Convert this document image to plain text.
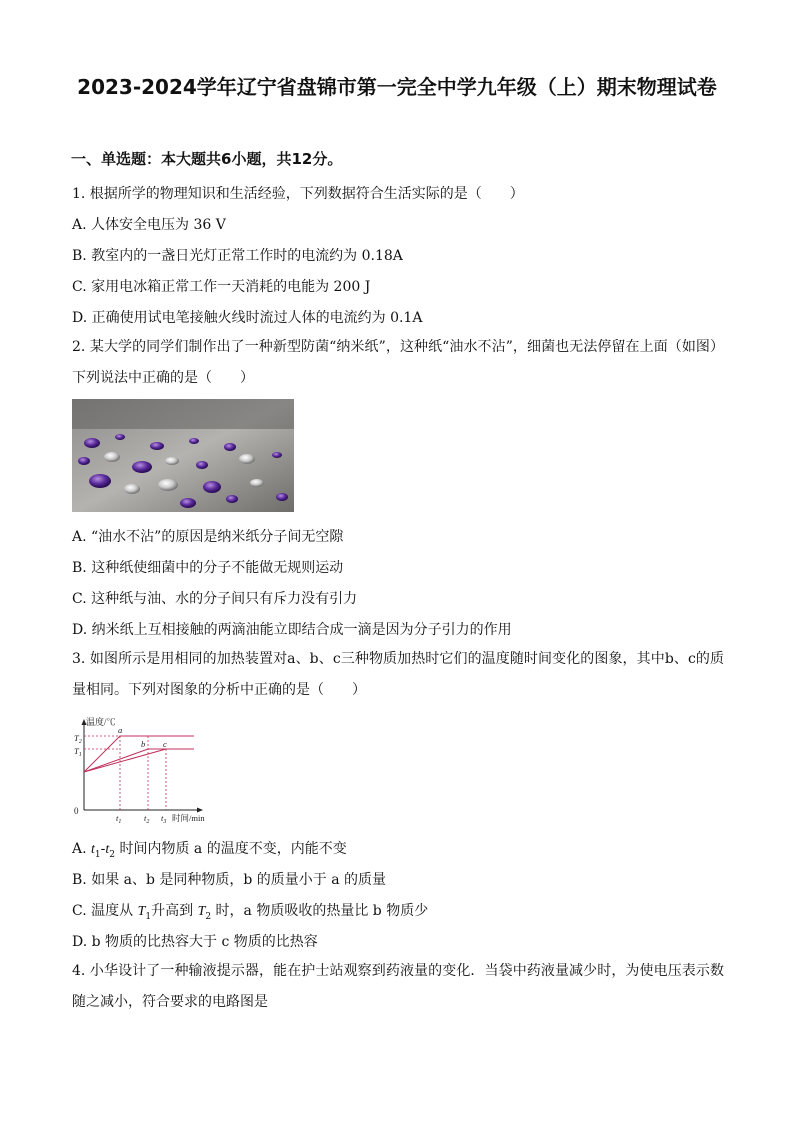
2023-2024学年辽宁省盘锦市第一完全中学九年级（上）期末物理试卷
一、单选题：本大题共6小题，共12分。
1. 根据所学的物理知识和生活经验，下列数据符合生活实际的是（　　）
A. 人体安全电压为 36 V
B. 教室内的一盏日光灯正常工作时的电流约为 0.18A
C. 家用电冰箱正常工作一天消耗的电能为 200 J
D. 正确使用试电笔接触火线时流过人体的电流约为 0.1A
2. 某大学的同学们制作出了一种新型防菌“纳米纸”，这种纸“油水不沾”，细菌也无法停留在上面（如图）下列说法中正确的是（　　）
A. “油水不沾”的原因是纳米纸分子间无空隙
B. 这种纸使细菌中的分子不能做无规则运动
C. 这种纸与油、水的分子间只有斥力没有引力
D. 纳米纸上互相接触的两滴油能立即结合成一滴是因为分子引力的作用
3. 如图所示是用相同的加热装置对a、b、c三种物质加热时它们的温度随时间变化的图象，其中b、c的质量相同。下列对图象的分析中正确的是（　　）
温度/℃
0
$T_2$
$T_1$
a
b c
$t_1$	$t_2$ $t_3$ 时间/min
A. $t_1-t_2$ 时间内物质 a 的温度不变，内能不变
B. 如果 a、b 是同种物质，b 的质量小于 a 的质量
C. 温度从 $T_1$升高到 $T_2$ 时，a 物质吸收的热量比 b 物质少
D. b 物质的比热容大于 c 物质的比热容
4. 小华设计了一种输液提示器，能在护士站观察到药液量的变化．当袋中药液量减少时，为使电压表示数随之减小，符合要求的电路图是
